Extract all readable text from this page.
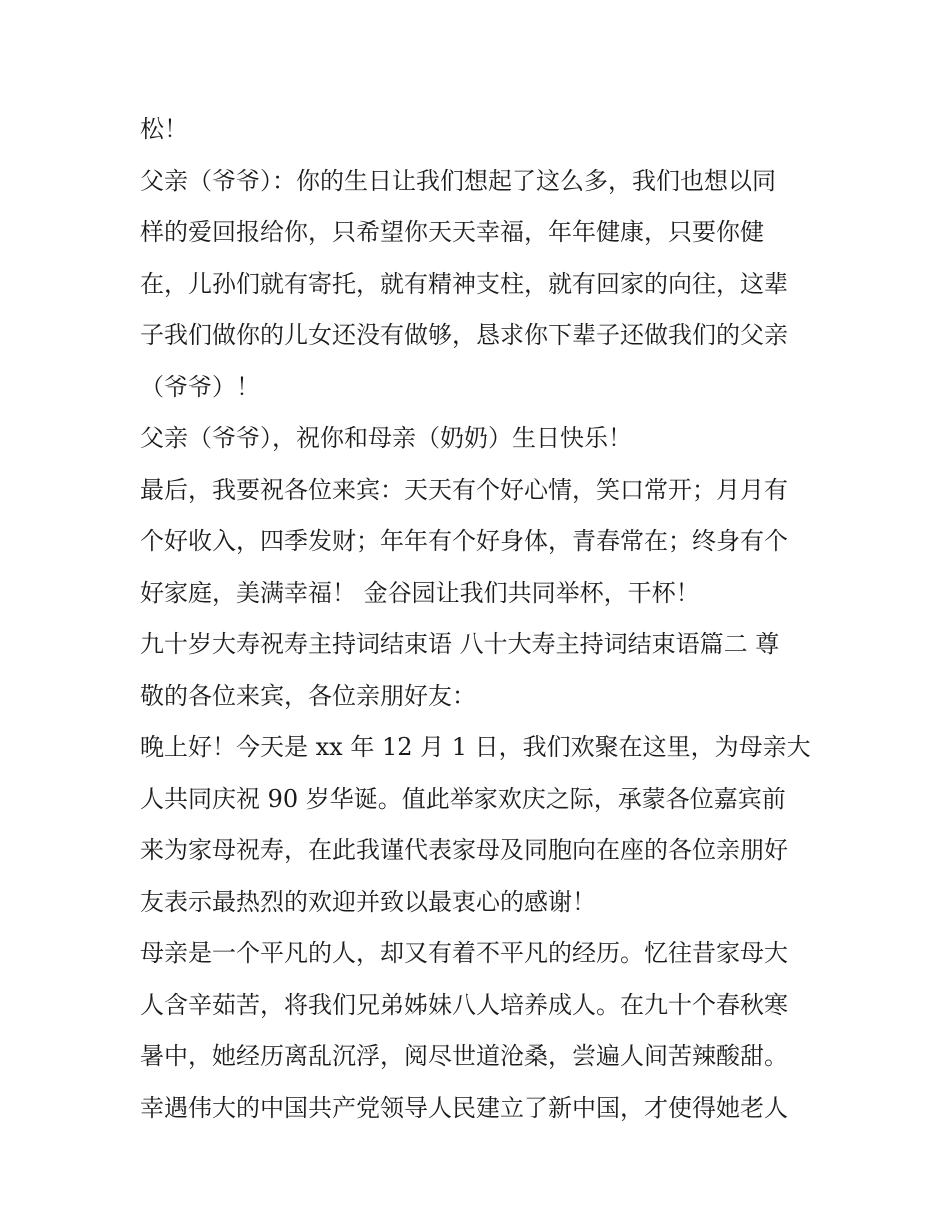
松！
父亲（爷爷）：你的生日让我们想起了这么多，我们也想以同
样的爱回报给你，只希望你天天幸福，年年健康，只要你健
在，儿孙们就有寄托，就有精神支柱，就有回家的向往，这辈
子我们做你的儿女还没有做够，恳求你下辈子还做我们的父亲
（爷爷）！
父亲（爷爷），祝你和母亲（奶奶）生日快乐！
最后，我要祝各位来宾：天天有个好心情，笑口常开；月月有
个好收入，四季发财；年年有个好身体，青春常在；终身有个
好家庭，美满幸福！ 金谷园让我们共同举杯，干杯！
九十岁大寿祝寿主持词结束语 八十大寿主持词结束语篇二 尊
敬的各位来宾，各位亲朋好友：
晚上好！今天是 xx 年 12 月 1 日，我们欢聚在这里，为母亲大
人共同庆祝 90 岁华诞。值此举家欢庆之际，承蒙各位嘉宾前
来为家母祝寿，在此我谨代表家母及同胞向在座的各位亲朋好
友表示最热烈的欢迎并致以最衷心的感谢！
母亲是一个平凡的人，却又有着不平凡的经历。忆往昔家母大
人含辛茹苦，将我们兄弟姊妹八人培养成人。在九十个春秋寒
暑中，她经历离乱沉浮，阅尽世道沧桑，尝遍人间苦辣酸甜。
幸遇伟大的中国共产党领导人民建立了新中国，才使得她老人
